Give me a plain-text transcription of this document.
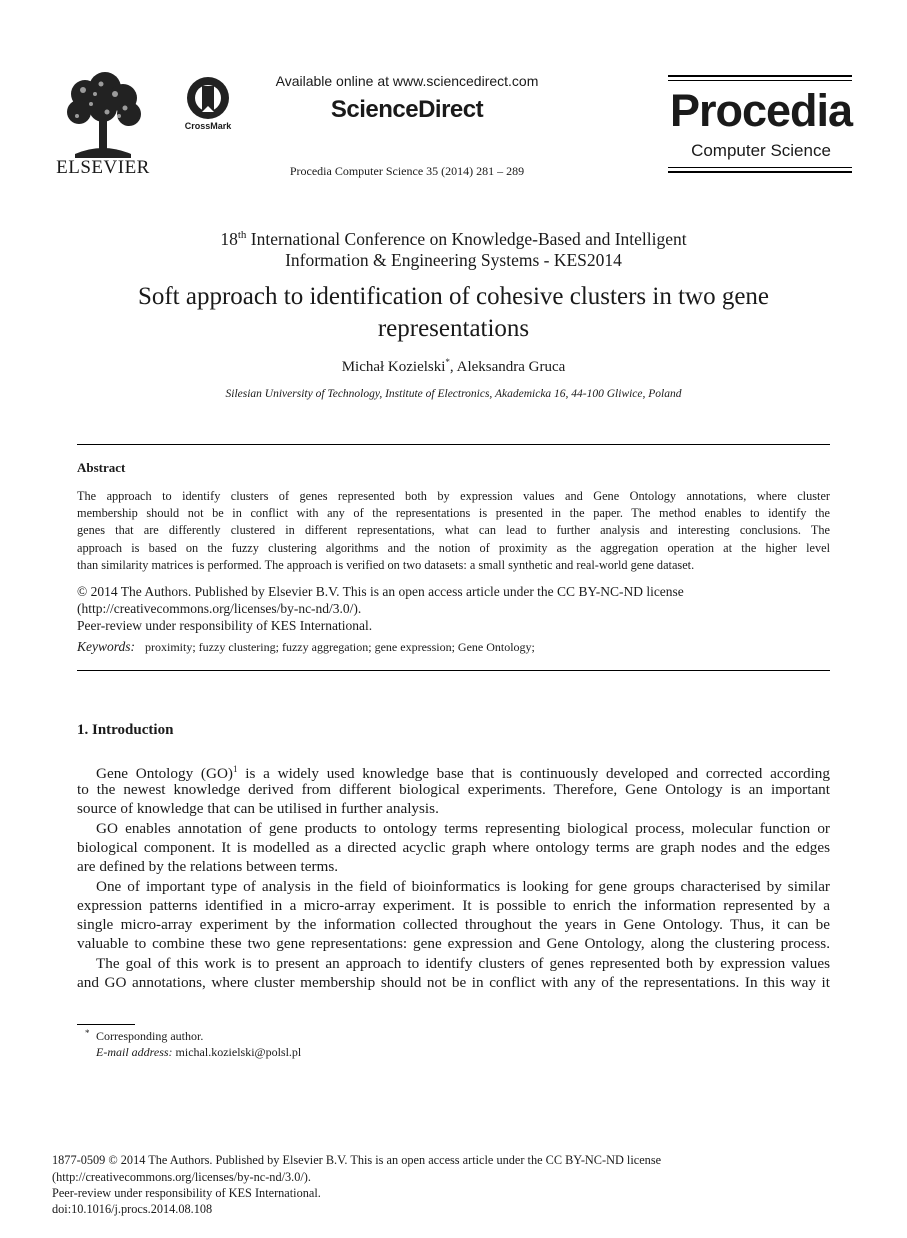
ELSEVIER
CrossMark
Available online at www.sciencedirect.com
ScienceDirect
Procedia Computer Science 35 (2014) 281 – 289
Procedia
Computer Science
18th International Conference on Knowledge-Based and Intelligent
Information & Engineering Systems - KES2014
Soft approach to identification of cohesive clusters in two gene
representations
Michał Kozielski*, Aleksandra Gruca
Silesian University of Technology, Institute of Electronics, Akademicka 16, 44-100 Gliwice, Poland
Abstract
The approach to identify clusters of genes represented both by expression values and Gene Ontology annotations, where cluster
membership should not be in conflict with any of the representations is presented in the paper. The method enables to identify the
genes that are differently clustered in different representations, what can lead to further analysis and interesting conclusions. The
approach is based on the fuzzy clustering algorithms and the notion of proximity as the aggregation operation at the higher level
than similarity matrices is performed. The approach is verified on two datasets: a small synthetic and real-world gene dataset.
© 2014 The Authors. Published by Elsevier B.V. This is an open access article under the CC BY-NC-ND license
(http://creativecommons.org/licenses/by-nc-nd/3.0/).
Peer-review under responsibility of KES International.
Keywords: proximity; fuzzy clustering; fuzzy aggregation; gene expression; Gene Ontology;
1. Introduction
Gene Ontology (GO)$^1$ is a widely used knowledge base that is continuously developed and corrected according
to the newest knowledge derived from different biological experiments. Therefore, Gene Ontology is an important
source of knowledge that can be utilised in further analysis.
GO enables annotation of gene products to ontology terms representing biological process, molecular function or
biological component. It is modelled as a directed acyclic graph where ontology terms are graph nodes and the edges
are defined by the relations between terms.
One of important type of analysis in the field of bioinformatics is looking for gene groups characterised by similar
expression patterns identified in a micro-array experiment. It is possible to enrich the information represented by a
single micro-array experiment by the information collected throughout the years in Gene Ontology. Thus, it can be
valuable to combine these two gene representations: gene expression and Gene Ontology, along the clustering process.
The goal of this work is to present an approach to identify clusters of genes represented both by expression values
and GO annotations, where cluster membership should not be in conflict with any of the representations. In this way it
* Corresponding author.
E-mail address: michal.kozielski@polsl.pl
1877-0509 © 2014 The Authors. Published by Elsevier B.V. This is an open access article under the CC BY-NC-ND license
(http://creativecommons.org/licenses/by-nc-nd/3.0/).
Peer-review under responsibility of KES International.
doi:10.1016/j.procs.2014.08.108
